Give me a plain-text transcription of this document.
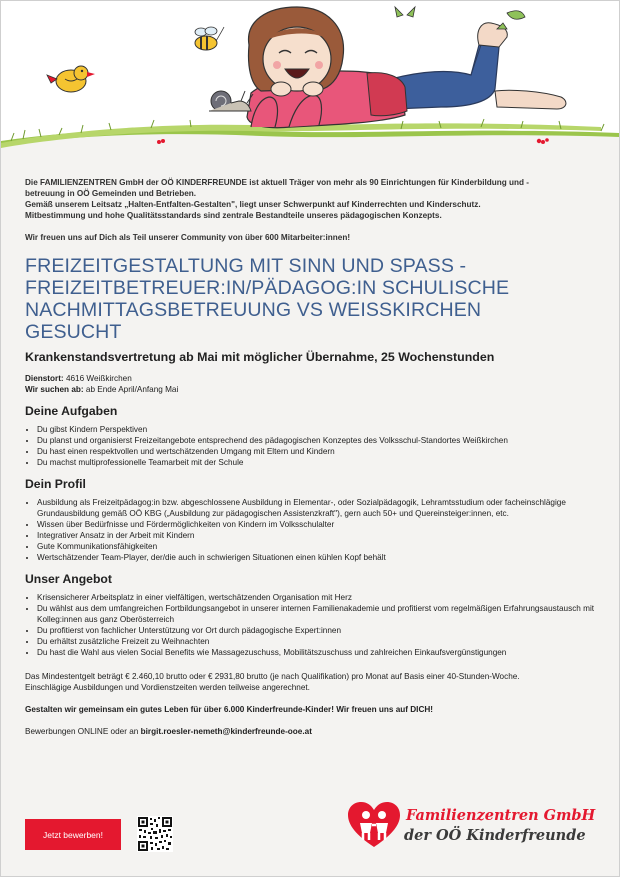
Die FAMILIENZENTREN GmbH der OÖ KINDERFREUNDE ist aktuell Träger von mehr als 90 Einrichtungen für Kinderbildung und -

betreuung in OÖ Gemeinden und Betrieben.

Gemäß unserem Leitsatz „Halten-Entfalten-Gestalten", liegt unser Schwerpunkt auf Kinderrechten und Kinderschutz.

Mitbestimmung und hohe Qualitätsstandards sind zentrale Bestandteile unseres pädagogischen Konzepts.

Wir freuen uns auf Dich als Teil unserer Community von über 600 Mitarbeiter:innen!

FREIZEITGESTALTUNG MIT SINN UND SPASS -
FREIZEITBETREUER:IN/PÄDAGOG:IN SCHULISCHE
NACHMITTAGSBETREUUNG VS WEISSKIRCHEN
GESUCHT
Krankenstandsvertretung ab Mai mit möglicher Übernahme, 25 Wochenstunden

Dienstort: 4616 Weißkirchen

Wir suchen ab: ab Ende April/Anfang Mai

Deine Aufgaben
• Du gibst Kindern Perspektiven
• Du planst und organisierst Freizeitangebote entsprechend des pädagogischen Konzeptes des Volksschul-Standortes Weißkirchen
• Du hast einen respektvollen und wertschätzenden Umgang mit Eltern und Kindern
• Du machst multiprofessionelle Teamarbeit mit der Schule
Dein Profil
• Ausbildung als Freizeitpädagog:in bzw. abgeschlossene Ausbildung in Elementar-, oder Sozialpädagogik, Lehramtsstudium oder facheinschlägige Grundausbildung gemäß OÖ KBG („Ausbildung zur pädagogischen Assistenzkraft"), gern auch 50+ und Quereinsteiger:innen, etc.
• Wissen über Bedürfnisse und Fördermöglichkeiten von Kindern im Volksschulalter
• Integrativer Ansatz in der Arbeit mit Kindern
• Gute Kommunikationsfähigkeiten
• Wertschätzender Team-Player, der/die auch in schwierigen Situationen einen kühlen Kopf behält
Unser Angebot
• Krisensicherer Arbeitsplatz in einer vielfältigen, wertschätzenden Organisation mit Herz
• Du wählst aus dem umfangreichen Fortbildungsangebot in unserer internen Familienakademie und profitierst vom regelmäßigen Erfahrungsaustausch mit Kolleg:innen aus ganz Oberösterreich
• Du profitierst von fachlicher Unterstützung vor Ort durch pädagogische Expert:innen
• Du erhältst zusätzliche Freizeit zu Weihnachten
• Du hast die Wahl aus vielen Social Benefits wie Massagezuschuss, Mobilitätszuschuss und zahlreichen Einkaufsvergünstigungen

Das Mindestentgelt beträgt € 2.460,10 brutto oder € 2931,80 brutto (je nach Qualifikation) pro Monat auf Basis einer 40-Stunden-Woche.

Einschlägige Ausbildungen und Vordienstzeiten werden teilweise angerechnet.

Gestalten wir gemeinsam ein gutes Leben für über 6.000 Kinderfreunde-Kinder! Wir freuen uns auf DICH!

Bewerbungen ONLINE oder an birgit.roesler-nemeth@kinderfreunde-ooe.at

Jetzt bewerben!
Familienzentren GmbH
der OÖ Kinderfreunde
